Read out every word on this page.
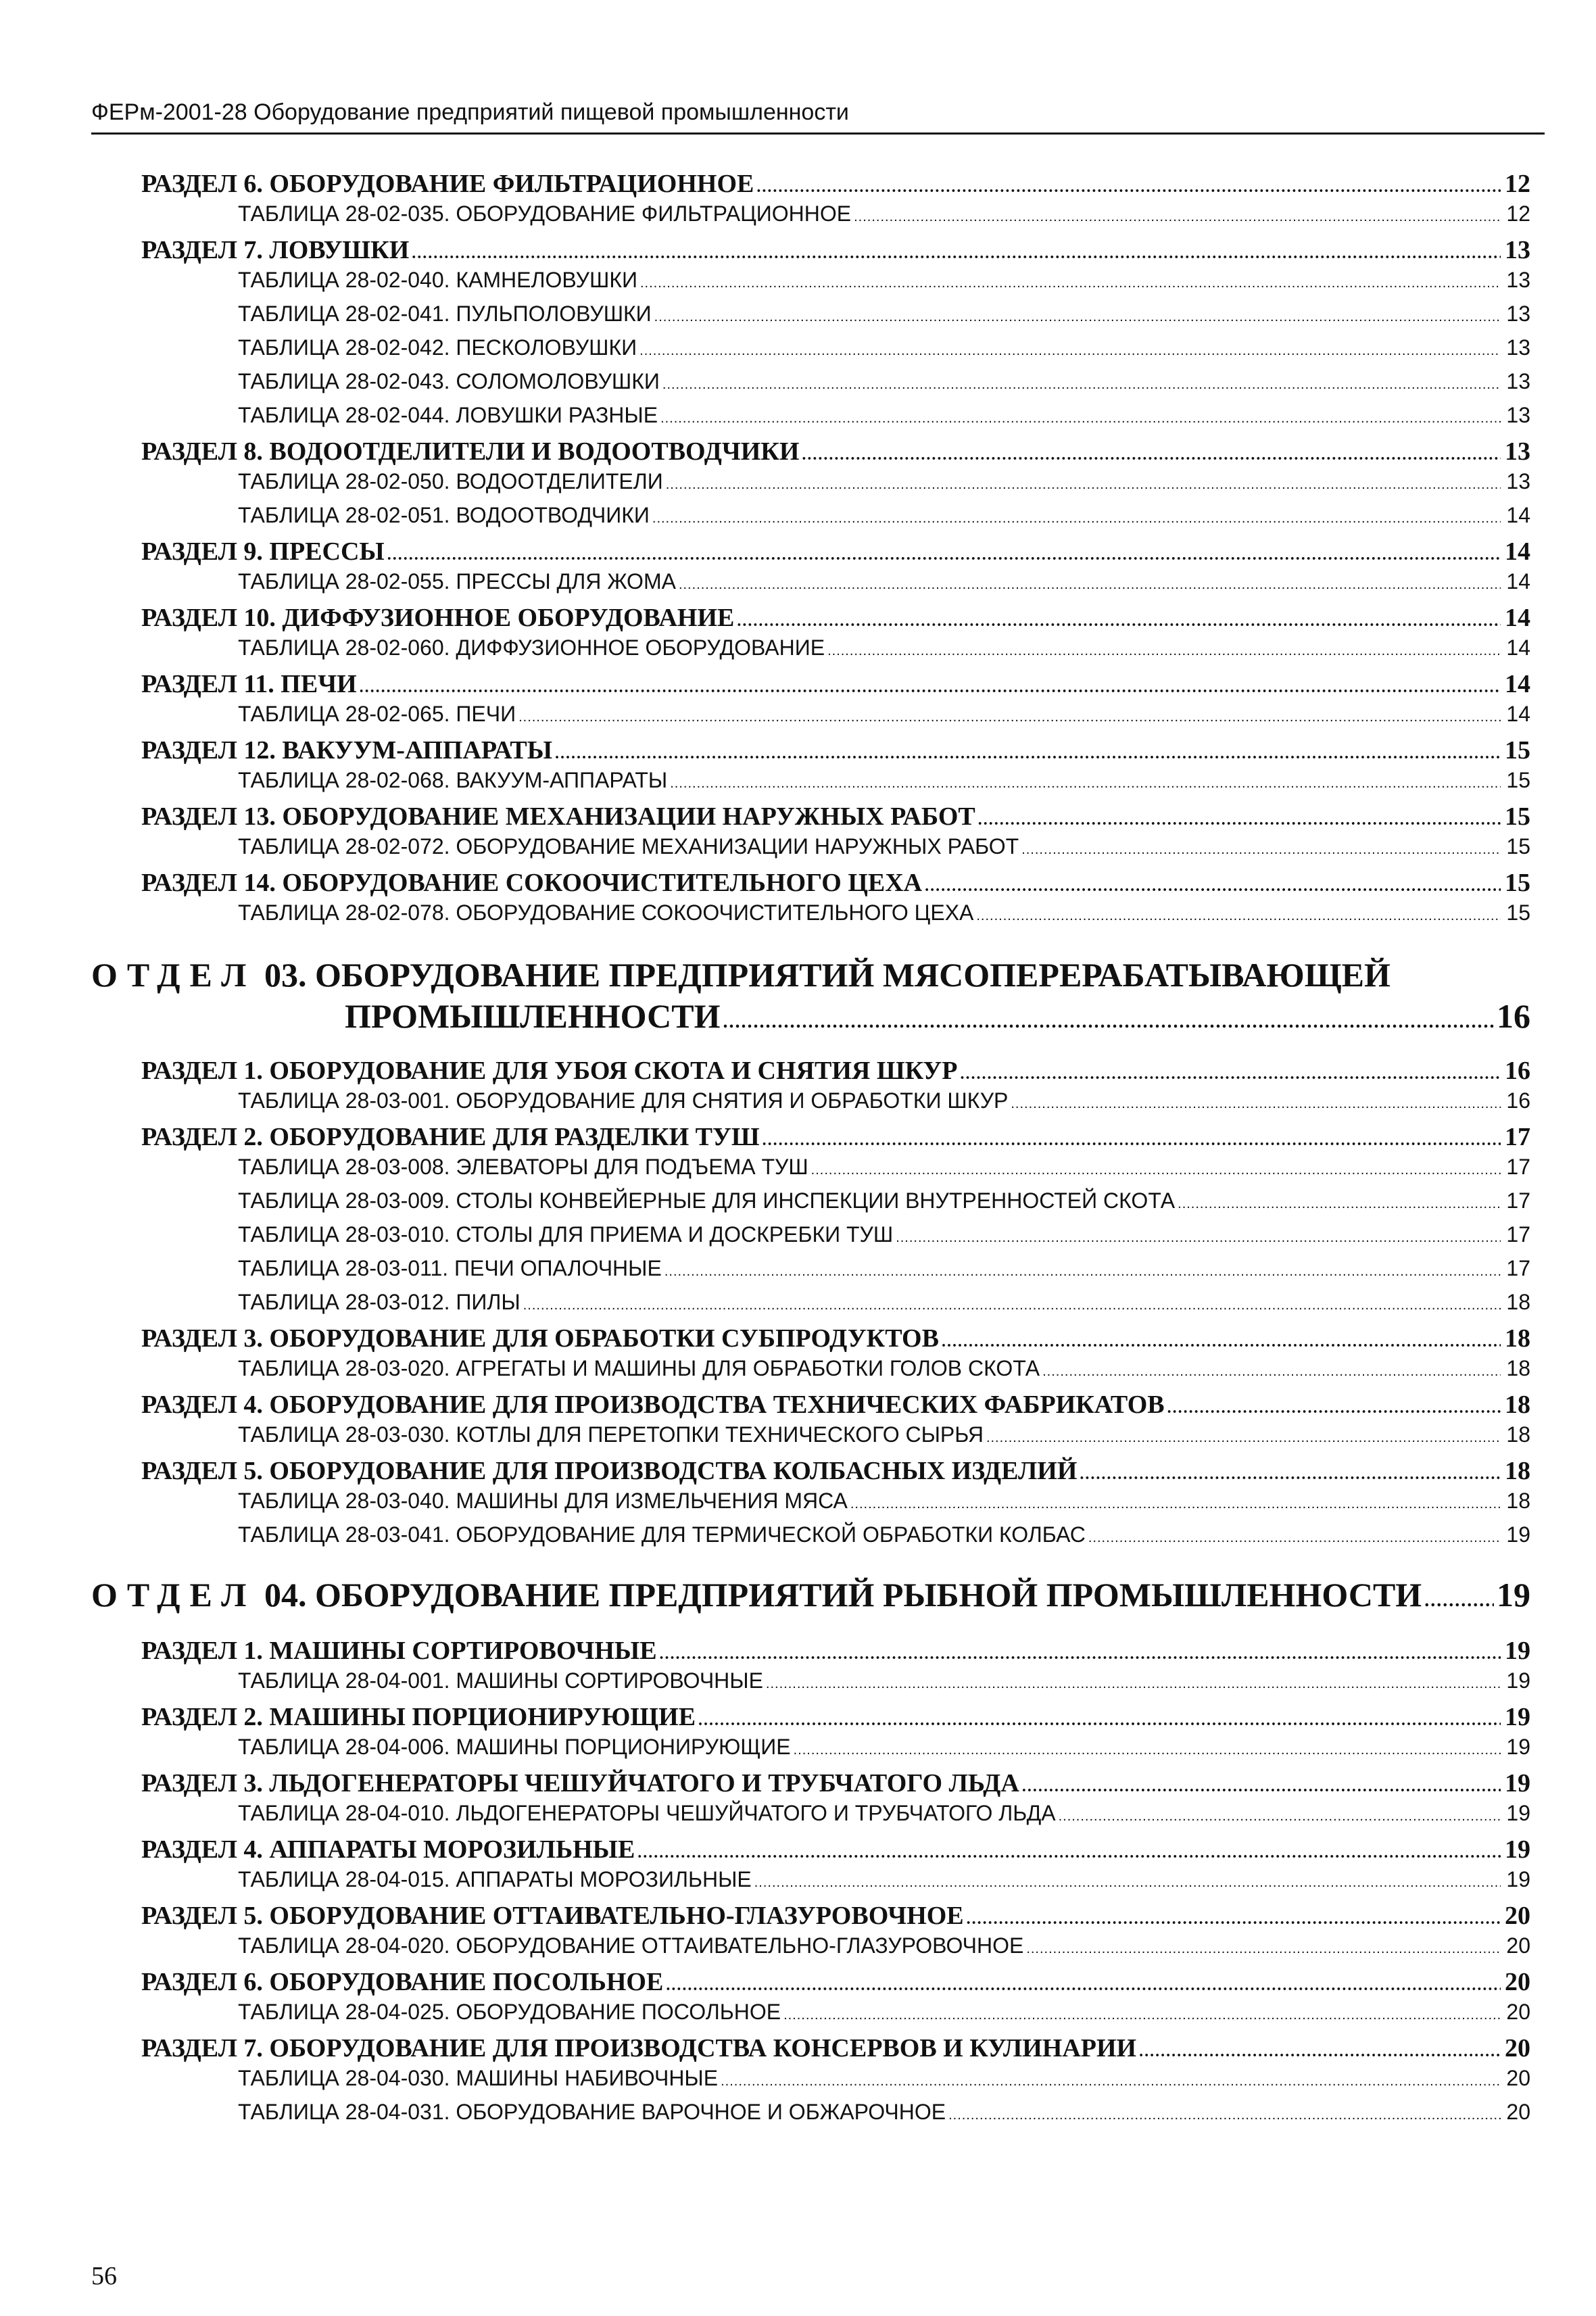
ФЕРм-2001-28 Оборудование предприятий пищевой промышленности
РАЗДЕЛ 6. ОБОРУДОВАНИЕ ФИЛЬТРАЦИОННОЕ .....	12
ТАБЛИЦА 28-02-035. ОБОРУДОВАНИЕ ФИЛЬТРАЦИОННОЕ .....	12
РАЗДЕЛ 7. ЛОВУШКИ .....	13
ТАБЛИЦА 28-02-040. КАМНЕЛОВУШКИ .....	13
ТАБЛИЦА 28-02-041. ПУЛЬПОЛОВУШКИ .....	13
ТАБЛИЦА 28-02-042. ПЕСКОЛОВУШКИ .....	13
ТАБЛИЦА 28-02-043. СОЛОМОЛОВУШКИ .....	13
ТАБЛИЦА 28-02-044. ЛОВУШКИ РАЗНЫЕ .....	13
РАЗДЕЛ 8. ВОДООТДЕЛИТЕЛИ И ВОДООТВОДЧИКИ .....	13
ТАБЛИЦА 28-02-050. ВОДООТДЕЛИТЕЛИ .....	13
ТАБЛИЦА 28-02-051. ВОДООТВОДЧИКИ .....	14
РАЗДЕЛ 9. ПРЕССЫ .....	14
ТАБЛИЦА 28-02-055. ПРЕССЫ ДЛЯ ЖОМА .....	14
РАЗДЕЛ 10. ДИФФУЗИОННОЕ ОБОРУДОВАНИЕ .....	14
ТАБЛИЦА 28-02-060. ДИФФУЗИОННОЕ ОБОРУДОВАНИЕ .....	14
РАЗДЕЛ 11. ПЕЧИ .....	14
ТАБЛИЦА 28-02-065. ПЕЧИ .....	14
РАЗДЕЛ 12. ВАКУУМ-АППАРАТЫ .....	15
ТАБЛИЦА 28-02-068. ВАКУУМ-АППАРАТЫ .....	15
РАЗДЕЛ 13. ОБОРУДОВАНИЕ МЕХАНИЗАЦИИ НАРУЖНЫХ РАБОТ .....	15
ТАБЛИЦА 28-02-072. ОБОРУДОВАНИЕ МЕХАНИЗАЦИИ НАРУЖНЫХ РАБОТ .....	15
РАЗДЕЛ 14. ОБОРУДОВАНИЕ СОКООЧИСТИТЕЛЬНОГО ЦЕХА .....	15
ТАБЛИЦА 28-02-078. ОБОРУДОВАНИЕ СОКООЧИСТИТЕЛЬНОГО ЦЕХА .....	15
ОТДЕЛ 03. ОБОРУДОВАНИЕ ПРЕДПРИЯТИЙ МЯСОПЕРЕРАБАТЫВАЮЩЕЙ
ПРОМЫШЛЕННОСТИ .....	16
РАЗДЕЛ 1. ОБОРУДОВАНИЕ ДЛЯ УБОЯ СКОТА И СНЯТИЯ ШКУР .....	16
ТАБЛИЦА 28-03-001. ОБОРУДОВАНИЕ ДЛЯ СНЯТИЯ И ОБРАБОТКИ ШКУР .....	16
РАЗДЕЛ 2. ОБОРУДОВАНИЕ ДЛЯ РАЗДЕЛКИ ТУШ .....	17
ТАБЛИЦА 28-03-008. ЭЛЕВАТОРЫ ДЛЯ ПОДЪЕМА ТУШ .....	17
ТАБЛИЦА 28-03-009. СТОЛЫ КОНВЕЙЕРНЫЕ ДЛЯ ИНСПЕКЦИИ ВНУТРЕННОСТЕЙ СКОТА .....	17
ТАБЛИЦА 28-03-010. СТОЛЫ ДЛЯ ПРИЕМА И ДОСКРЕБКИ ТУШ .....	17
ТАБЛИЦА 28-03-011. ПЕЧИ ОПАЛОЧНЫЕ .....	17
ТАБЛИЦА 28-03-012. ПИЛЫ .....	18
РАЗДЕЛ 3. ОБОРУДОВАНИЕ ДЛЯ ОБРАБОТКИ СУБПРОДУКТОВ .....	18
ТАБЛИЦА 28-03-020. АГРЕГАТЫ И МАШИНЫ ДЛЯ ОБРАБОТКИ ГОЛОВ СКОТА .....	18
РАЗДЕЛ 4. ОБОРУДОВАНИЕ ДЛЯ ПРОИЗВОДСТВА ТЕХНИЧЕСКИХ ФАБРИКАТОВ .....	18
ТАБЛИЦА 28-03-030. КОТЛЫ ДЛЯ ПЕРЕТОПКИ ТЕХНИЧЕСКОГО СЫРЬЯ .....	18
РАЗДЕЛ 5. ОБОРУДОВАНИЕ ДЛЯ ПРОИЗВОДСТВА КОЛБАСНЫХ ИЗДЕЛИЙ .....	18
ТАБЛИЦА 28-03-040. МАШИНЫ ДЛЯ ИЗМЕЛЬЧЕНИЯ МЯСА .....	18
ТАБЛИЦА 28-03-041. ОБОРУДОВАНИЕ ДЛЯ ТЕРМИЧЕСКОЙ ОБРАБОТКИ КОЛБАС .....	19
ОТДЕЛ 04. ОБОРУДОВАНИЕ ПРЕДПРИЯТИЙ РЫБНОЙ ПРОМЫШЛЕННОСТИ ..... 19
РАЗДЕЛ 1. МАШИНЫ СОРТИРОВОЧНЫЕ .....	19
ТАБЛИЦА 28-04-001. МАШИНЫ СОРТИРОВОЧНЫЕ .....	19
РАЗДЕЛ 2. МАШИНЫ ПОРЦИОНИРУЮЩИЕ .....	19
ТАБЛИЦА 28-04-006. МАШИНЫ ПОРЦИОНИРУЮЩИЕ .....	19
РАЗДЕЛ 3. ЛЬДОГЕНЕРАТОРЫ ЧЕШУЙЧАТОГО И ТРУБЧАТОГО ЛЬДА .....	19
ТАБЛИЦА 28-04-010. ЛЬДОГЕНЕРАТОРЫ ЧЕШУЙЧАТОГО И ТРУБЧАТОГО ЛЬДА .....	19
РАЗДЕЛ 4. АППАРАТЫ МОРОЗИЛЬНЫЕ .....	19
ТАБЛИЦА 28-04-015. АППАРАТЫ МОРОЗИЛЬНЫЕ .....	19
РАЗДЕЛ 5. ОБОРУДОВАНИЕ ОТТАИВАТЕЛЬНО-ГЛАЗУРОВОЧНОЕ .....	20
ТАБЛИЦА 28-04-020. ОБОРУДОВАНИЕ ОТТАИВАТЕЛЬНО-ГЛАЗУРОВОЧНОЕ .....	20
РАЗДЕЛ 6. ОБОРУДОВАНИЕ ПОСОЛЬНОЕ .....	20
ТАБЛИЦА 28-04-025. ОБОРУДОВАНИЕ ПОСОЛЬНОЕ .....	20
РАЗДЕЛ 7. ОБОРУДОВАНИЕ ДЛЯ ПРОИЗВОДСТВА КОНСЕРВОВ И КУЛИНАРИИ .....	20
ТАБЛИЦА 28-04-030. МАШИНЫ НАБИВОЧНЫЕ .....	20
ТАБЛИЦА 28-04-031. ОБОРУДОВАНИЕ ВАРОЧНОЕ И ОБЖАРОЧНОЕ .....	20
56
